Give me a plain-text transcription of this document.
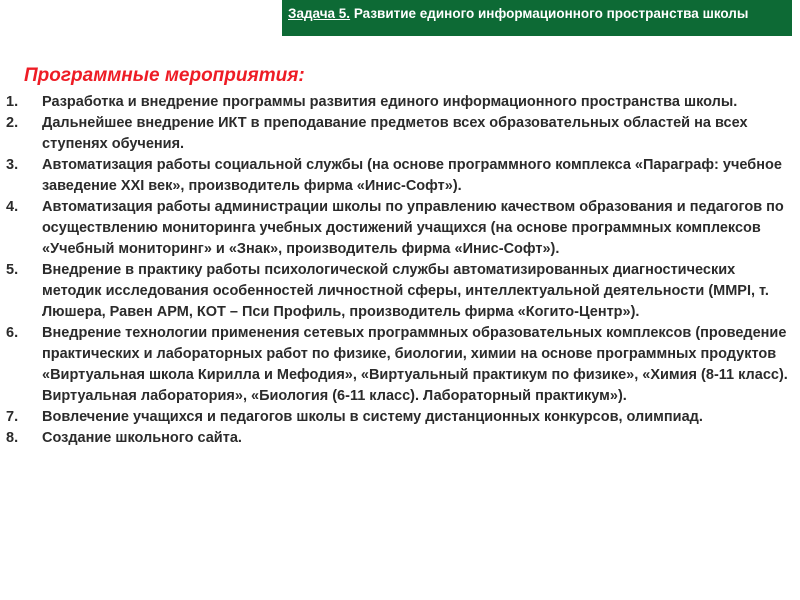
Задача 5. Развитие единого информационного пространства школы

Программные мероприятия:
1. Разработка и внедрение программы развития единого информационного пространства школы.
2. Дальнейшее внедрение ИКТ в преподавание предметов всех образовательных областей на всех ступенях обучения.
3. Автоматизация работы социальной службы (на основе программного комплекса «Параграф: учебное заведение XXI век», производитель фирма «Инис-Софт»).
4. Автоматизация работы администрации школы по управлению качеством образования и педагогов по осуществлению мониторинга учебных достижений учащихся (на основе программных комплексов «Учебный мониторинг» и «Знак», производитель фирма «Инис-Софт»).
5. Внедрение в практику работы психологической службы автоматизированных диагностических методик исследования особенностей личностной сферы, интеллектуальной деятельности (MMPI, т. Люшера, Равен АРМ, КОТ – Пси Профиль, производитель фирма «Когито-Центр»).
6. Внедрение технологии применения сетевых программных образовательных комплексов (проведение практических и лабораторных работ по физике, биологии, химии на основе программных продуктов «Виртуальная школа Кирилла и Мефодия», «Виртуальный практикум по физике», «Химия (8-11 класс). Виртуальная лаборатория», «Биология (6-11 класс). Лабораторный практикум»).
7. Вовлечение учащихся и педагогов школы в систему дистанционных конкурсов, олимпиад.
8. Создание школьного сайта.
